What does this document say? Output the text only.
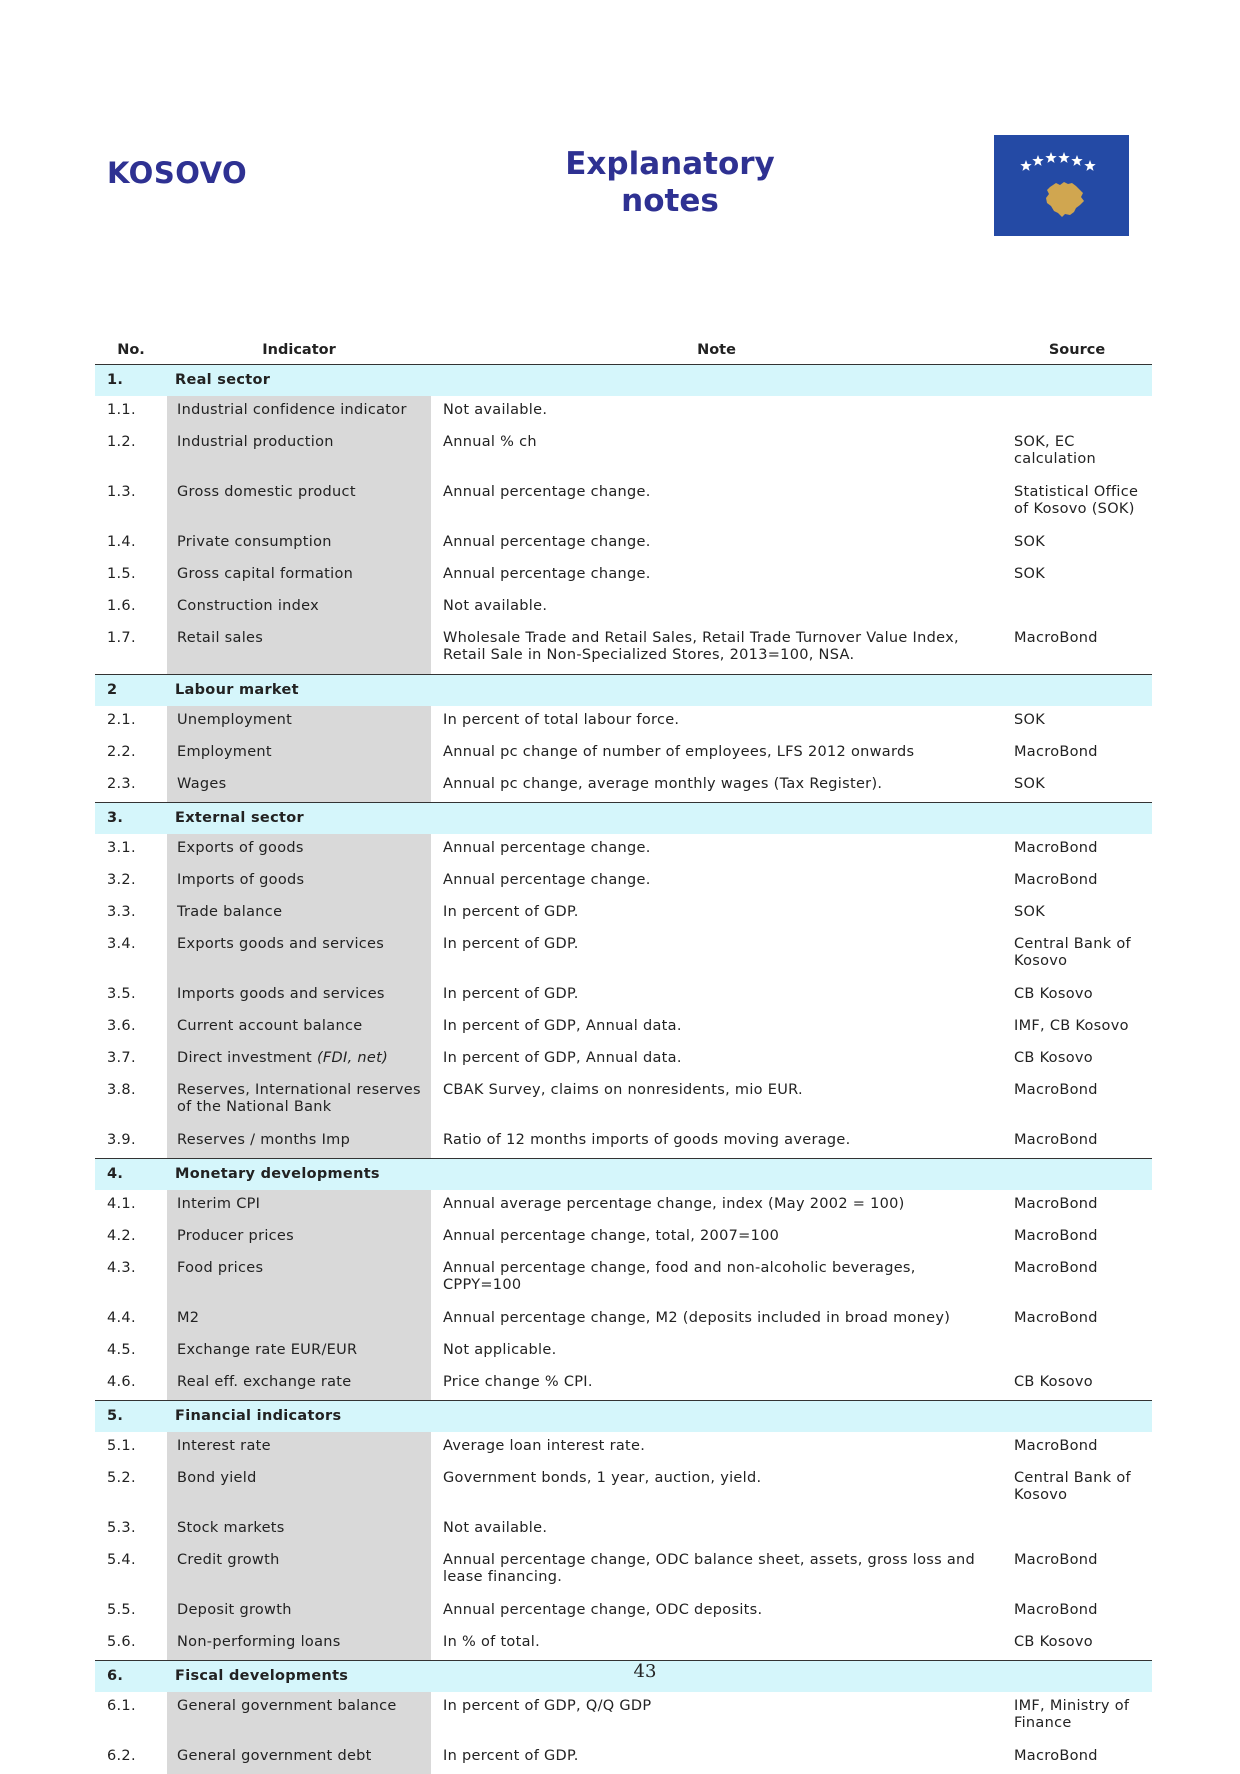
KOSOVO	Explanatory notes
No.	Indicator	Note	Source
1.	Real sector		
1.1.	Industrial confidence indicator	Not available.	
1.2.	Industrial production	Annual % ch	SOK, EC calculation
1.3.	Gross domestic product	Annual percentage change.	Statistical Office of Kosovo (SOK)
1.4.	Private consumption	Annual percentage change.	SOK
1.5.	Gross capital formation	Annual percentage change.	SOK
1.6.	Construction index	Not available.	
1.7.	Retail sales	Wholesale Trade and Retail Sales, Retail Trade Turnover Value Index, Retail Sale in Non-Specialized Stores, 2013=100, NSA.	MacroBond
2	Labour market		
2.1.	Unemployment	In percent of total labour force.	SOK
2.2.	Employment	Annual pc change of number of employees, LFS 2012 onwards	MacroBond
2.3.	Wages	Annual pc change, average monthly wages (Tax Register).	SOK
3.	External sector		
3.1.	Exports of goods	Annual percentage change.	MacroBond
3.2.	Imports of goods	Annual percentage change.	MacroBond
3.3.	Trade balance	In percent of GDP.	SOK
3.4.	Exports goods and services	In percent of GDP.	Central Bank of Kosovo
3.5.	Imports goods and services	In percent of GDP.	CB Kosovo
3.6.	Current account balance	In percent of GDP, Annual data.	IMF, CB Kosovo
3.7.	Direct investment (FDI, net)	In percent of GDP, Annual data.	CB Kosovo
3.8.	Reserves, International reserves of the National Bank	CBAK Survey, claims on nonresidents, mio EUR.	MacroBond
3.9.	Reserves / months Imp	Ratio of 12 months imports of goods moving average.	MacroBond
4.	Monetary developments		
4.1.	Interim CPI	Annual average percentage change, index (May 2002 = 100)	MacroBond
4.2.	Producer prices	Annual percentage change, total, 2007=100	MacroBond
4.3.	Food prices	Annual percentage change, food and non-alcoholic beverages, CPPY=100	MacroBond
4.4.	M2	Annual percentage change, M2 (deposits included in broad money)	MacroBond
4.5.	Exchange rate EUR/EUR	Not applicable.	
4.6.	Real eff. exchange rate	Price change % CPI.	CB Kosovo
5.	Financial indicators		
5.1.	Interest rate	Average loan interest rate.	MacroBond
5.2.	Bond yield	Government bonds, 1 year, auction, yield.	Central Bank of Kosovo
5.3.	Stock markets	Not available.	
5.4.	Credit growth	Annual percentage change, ODC balance sheet, assets, gross loss and lease financing.	MacroBond
5.5.	Deposit growth	Annual percentage change, ODC deposits.	MacroBond
5.6.	Non-performing loans	In % of total.	CB Kosovo
6.	Fiscal developments		
6.1.	General government balance	In percent of GDP, Q/Q GDP	IMF, Ministry of Finance
6.2.	General government debt	In percent of GDP.	MacroBond
43
